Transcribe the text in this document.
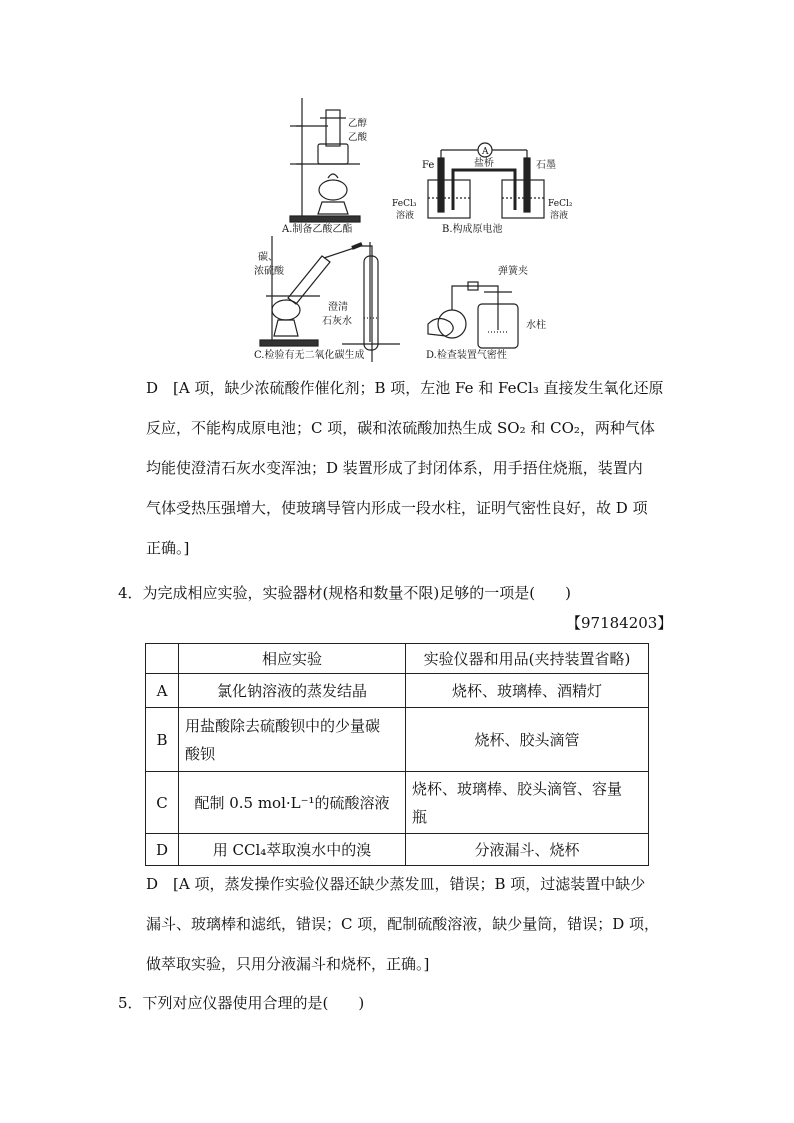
乙醇
乙酸
A.制备乙酸乙酯
A
Fe	盐桥	石墨
FeCl₃
溶液
FeCl₂
溶液
B.构成原电池
碳、
浓硫酸
澄清
石灰水
C.检验有无二氧化碳生成
弹簧夹
水柱
D.检查装置气密性

D　[A 项，缺少浓硫酸作催化剂；B 项，左池 Fe 和 FeCl₃ 直接发生氧化还原

反应，不能构成原电池；C 项，碳和浓硫酸加热生成 SO₂ 和 CO₂，两种气体

均能使澄清石灰水变浑浊；D 装置形成了封闭体系，用手捂住烧瓶，装置内

气体受热压强增大，使玻璃导管内形成一段水柱，证明气密性良好，故 D 项

正确。]

4．为完成相应实验，实验器材(规格和数量不限)足够的一项是(　　)
【97184203】
	相应实验	实验仪器和用品(夹持装置省略)
A	氯化钠溶液的蒸发结晶	烧杯、玻璃棒、酒精灯
B	用盐酸除去硫酸钡中的少量碳
酸钡	烧杯、胶头滴管
C	配制 0.5 mol·L⁻¹的硫酸溶液	烧杯、玻璃棒、胶头滴管、容量
瓶

D	用 CCl₄萃取溴水中的溴	分液漏斗、烧杯

D　[A 项，蒸发操作实验仪器还缺少蒸发皿，错误；B 项，过滤装置中缺少

漏斗、玻璃棒和滤纸，错误；C 项，配制硫酸溶液，缺少量筒，错误；D 项，

做萃取实验，只用分液漏斗和烧杯，正确。]

5．下列对应仪器使用合理的是(　　)
